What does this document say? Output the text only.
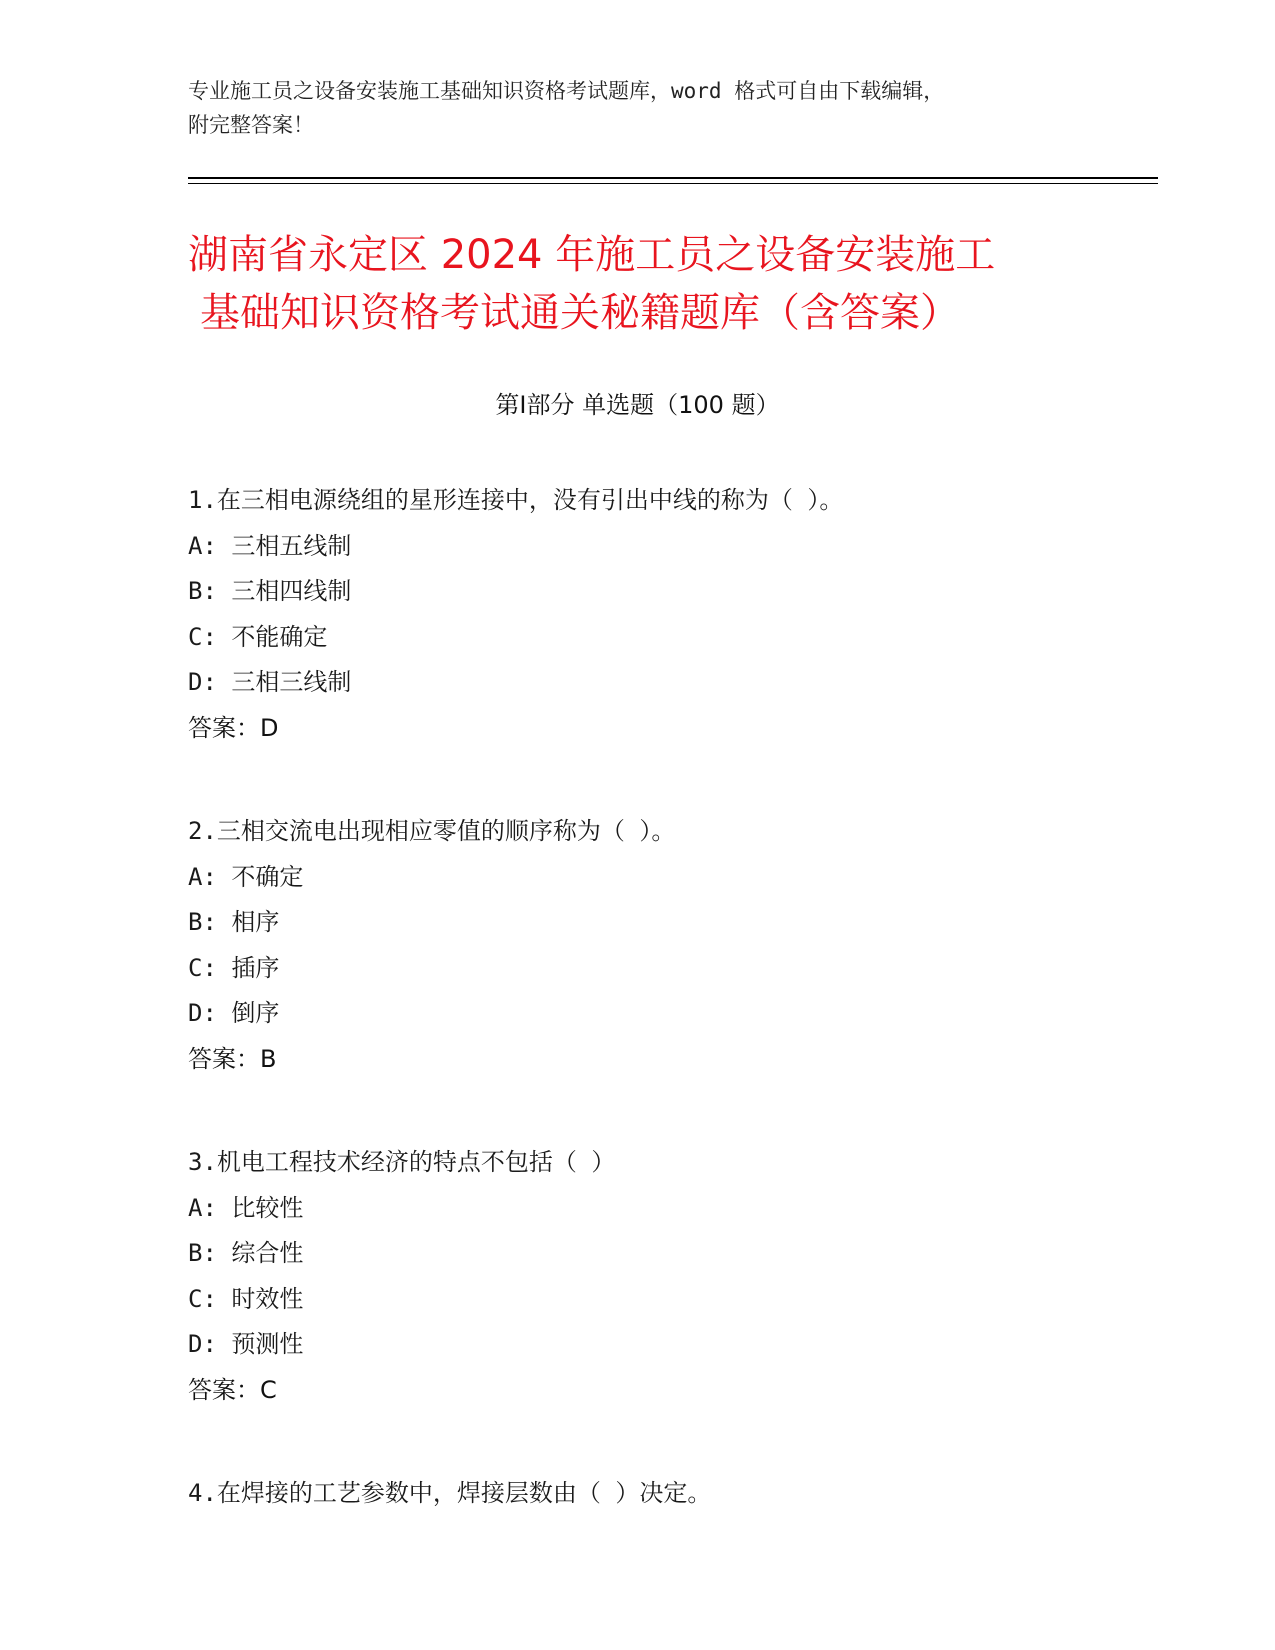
专业施工员之设备安装施工基础知识资格考试题库，word 格式可自由下载编辑，
附完整答案！
湖南省永定区 2024 年施工员之设备安装施工
基础知识资格考试通关秘籍题库（含答案）
第Ⅰ部分 单选题（100 题）
1.在三相电源绕组的星形连接中，没有引出中线的称为（ ）。
A: 三相五线制
B: 三相四线制
C: 不能确定
D: 三相三线制
答案：D
2.三相交流电出现相应零值的顺序称为（ ）。
A: 不确定
B: 相序
C: 插序
D: 倒序
答案：B
3.机电工程技术经济的特点不包括（ ）
A: 比较性
B: 综合性
C: 时效性
D: 预测性
答案：C
4.在焊接的工艺参数中，焊接层数由（ ）决定。
